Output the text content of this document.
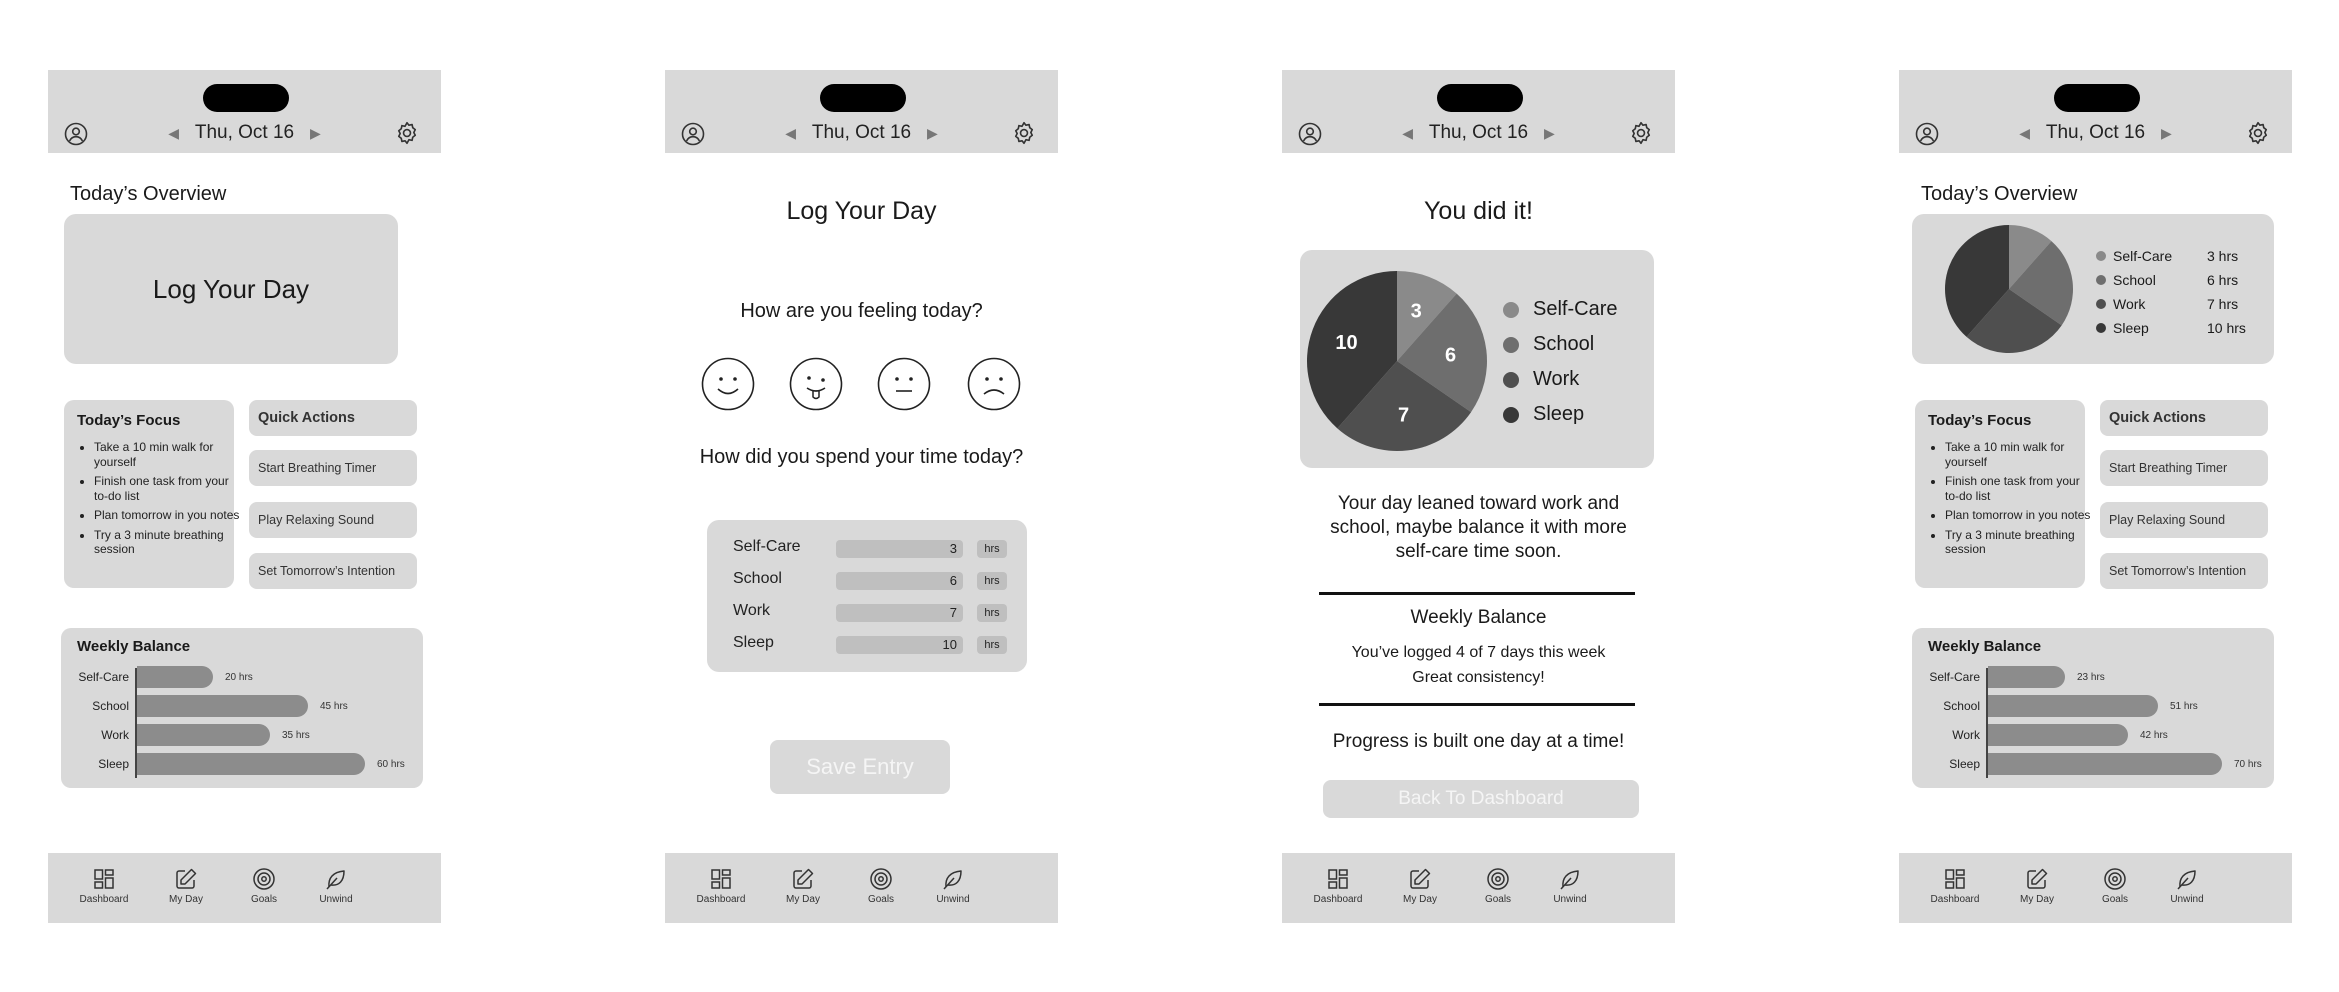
◀ Thu, Oct 16 ▶
Today’s Overview
Log Your Day
Today’s Focus
• Take a 10 min walk for yourself
• Finish one task from your to-do list
• Plan tomorrow in you notes
• Try a 3 minute breathing session
Quick Actions
Start Breathing Timer
Play Relaxing Sound
Set Tomorrow’s Intention
Weekly Balance
Self-Care	20 hrs
School	45 hrs
Work	35 hrs
Sleep	60 hrs
Dashboard	My Day	Goals	Unwind
◀ Thu, Oct 16 ▶
Log Your Day
How are you feeling today?
How did you spend your time today?
Self-Care	3	hrs
School	6	hrs
Work	7	hrs
Sleep	10	hrs
Save Entry
Dashboard	My Day	Goals	Unwind
◀ Thu, Oct 16 ▶
You did it!
3
6
7
10
Self-Care
School
Work
Sleep
Your day leaned toward work and school, maybe balance it with more self-care time soon.
Weekly Balance
You’ve logged 4 of 7 days this week
Great consistency!
Progress is built one day at a time!
Back To Dashboard
Dashboard	My Day	Goals	Unwind
◀ Thu, Oct 16 ▶
Today’s Overview
Self-Care 3 hrs
School	6 hrs
Work	7 hrs
Sleep	10 hrs
Today’s Focus
• Take a 10 min walk for yourself
• Finish one task from your to-do list
• Plan tomorrow in you notes
• Try a 3 minute breathing session
Quick Actions
Start Breathing Timer
Play Relaxing Sound
Set Tomorrow’s Intention
Weekly Balance
Self-Care	23 hrs
School	51 hrs
Work	42 hrs
Sleep	70 hrs
Dashboard	My Day	Goals	Unwind
